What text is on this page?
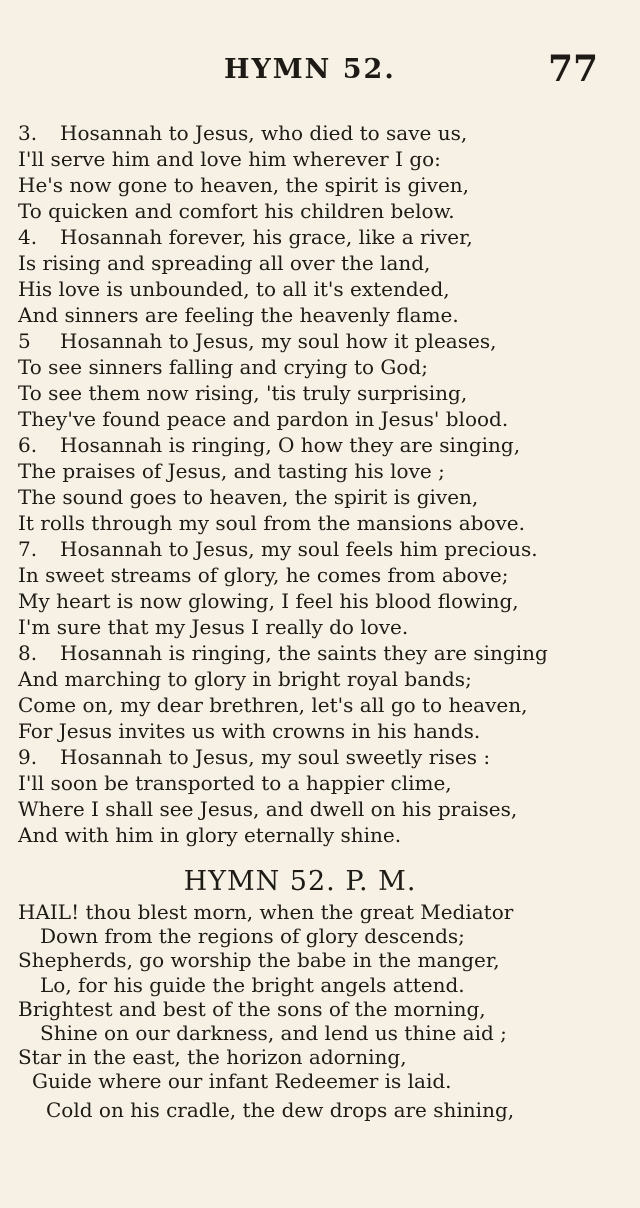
HYMN 52.	77
3. Hosannah to Jesus, who died to save us,
I'll serve him and love him wherever I go:
He's now gone to heaven, the spirit is given,
To quicken and comfort his children below.
4. Hosannah forever, his grace, like a river,
Is rising and spreading all over the land,
His love is unbounded, to all it's extended,
And sinners are feeling the heavenly flame.
5 Hosannah to Jesus, my soul how it pleases,
To see sinners falling and crying to God;
To see them now rising, 'tis truly surprising,
They've found peace and pardon in Jesus' blood.
6. Hosannah is ringing, O how they are singing,
The praises of Jesus, and tasting his love ;
The sound goes to heaven, the spirit is given,
It rolls through my soul from the mansions above.
7. Hosannah to Jesus, my soul feels him precious.
In sweet streams of glory, he comes from above;
My heart is now glowing, I feel his blood flowing,
I'm sure that my Jesus I really do love.
8. Hosannah is ringing, the saints they are singing
And marching to glory in bright royal bands;
Come on, my dear brethren, let's all go to heaven,
For Jesus invites us with crowns in his hands.
9. Hosannah to Jesus, my soul sweetly rises :
I'll soon be transported to a happier clime,
Where I shall see Jesus, and dwell on his praises,
And with him in glory eternally shine.
HYMN 52. P. M.
HAIL! thou blest morn, when the great Mediator
Down from the regions of glory descends;
Shepherds, go worship the babe in the manger,
Lo, for his guide the bright angels attend.
Brightest and best of the sons of the morning,
Shine on our darkness, and lend us thine aid ;
Star in the east, the horizon adorning,
Guide where our infant Redeemer is laid.
Cold on his cradle, the dew drops are shining,
